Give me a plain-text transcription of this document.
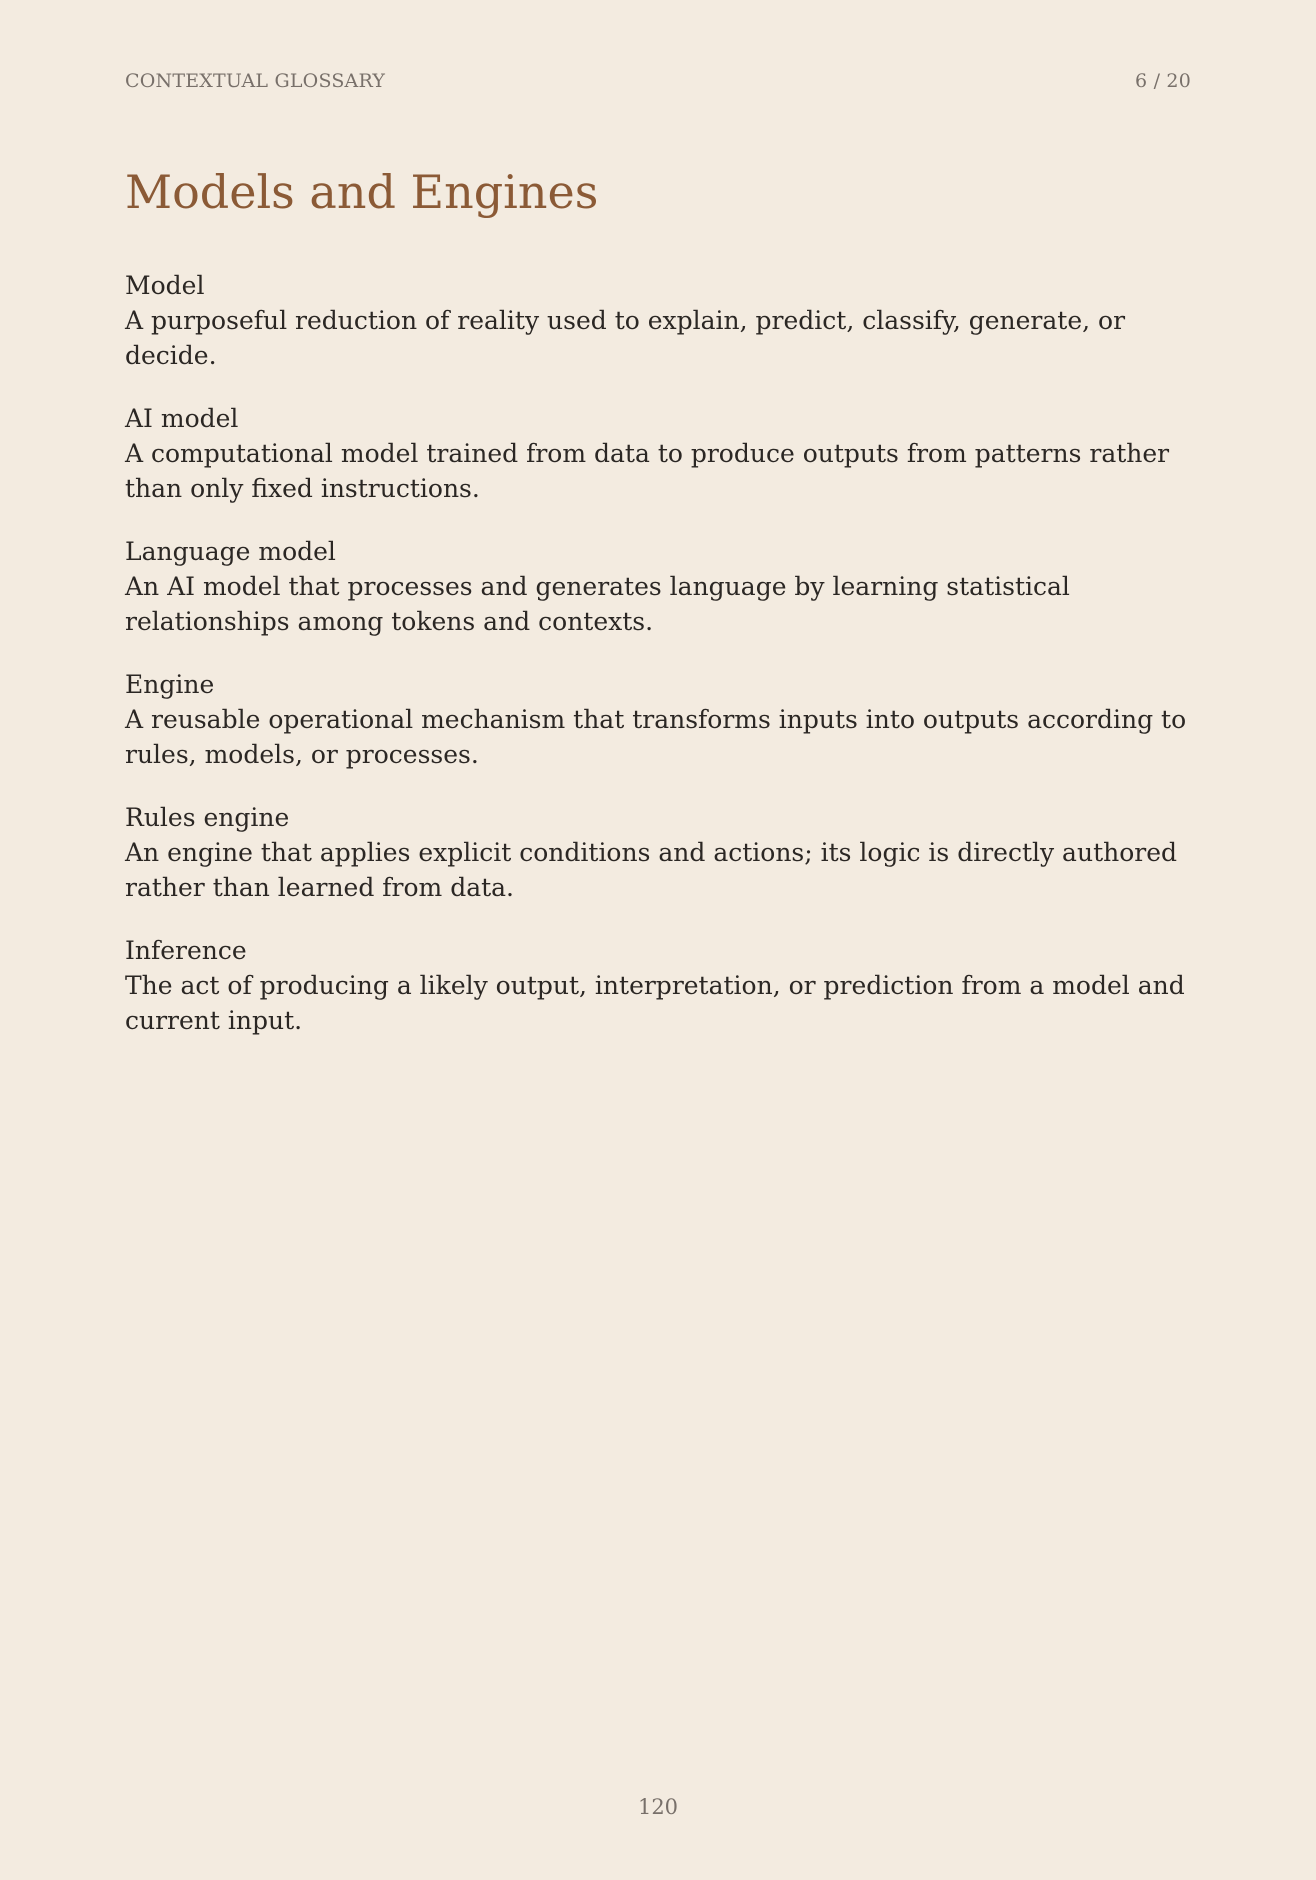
CONTEXTUAL GLOSSARY	6 / 20
Models and Engines
Model
A purposeful reduction of reality used to explain, predict, classify, generate, or decide.
AI model
A computational model trained from data to produce outputs from patterns rather than only fixed instructions.
Language model
An AI model that processes and generates language by learning statistical relationships among tokens and contexts.
Engine
A reusable operational mechanism that transforms inputs into outputs according to rules, models, or processes.
Rules engine
An engine that applies explicit conditions and actions; its logic is directly authored rather than learned from data.
Inference
The act of producing a likely output, interpretation, or prediction from a model and current input.
120
